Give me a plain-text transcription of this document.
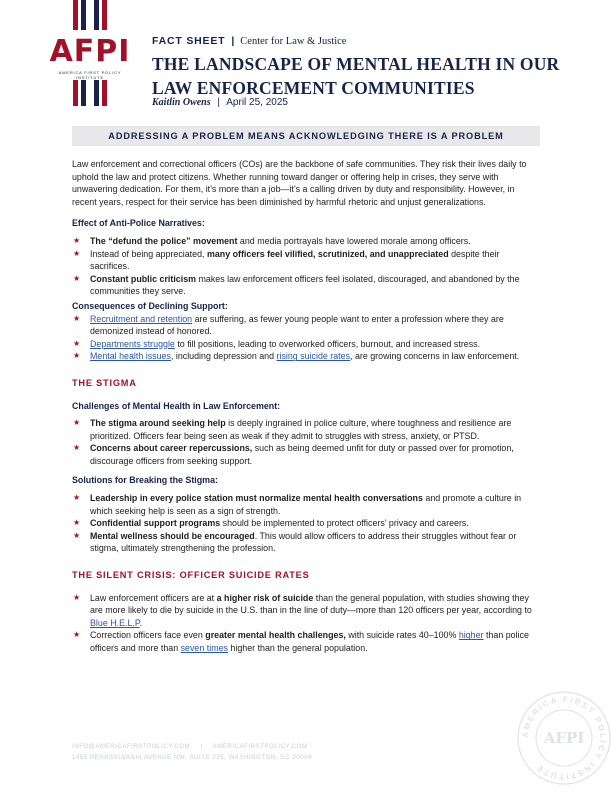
AFPI
AMERICA FIRST POLICY INSTITUTE
FACT SHEET | Center for Law & Justice
THE LANDSCAPE OF MENTAL HEALTH IN OUR
LAW ENFORCEMENT COMMUNITIES
Kaitlin Owens | April 25, 2025
ADDRESSING A PROBLEM MEANS ACKNOWLEDGING THERE IS A PROBLEM

Law enforcement and correctional officers (COs) are the backbone of safe communities. They risk their lives daily to uphold the law and protect citizens. Whether running toward danger or offering help in crises, they serve with unwavering dedication. For them, it’s more than a job—it’s a calling driven by duty and responsibility. However, in recent years, respect for their service has been diminished by harmful rhetoric and unjust generalizations.

Effect of Anti-Police Narratives:
★ The “defund the police” movement and media portrayals have lowered morale among officers.
★ Instead of being appreciated, many officers feel vilified, scrutinized, and unappreciated despite their sacrifices.
★ Constant public criticism makes law enforcement officers feel isolated, discouraged, and abandoned by the communities they serve.
Consequences of Declining Support:
★ Recruitment and retention are suffering, as fewer young people want to enter a profession where they are demonized instead of honored.
★ Departments struggle to fill positions, leading to overworked officers, burnout, and increased stress.
★ Mental health issues, including depression and rising suicide rates, are growing concerns in law enforcement.
THE STIGMA
Challenges of Mental Health in Law Enforcement:
★ The stigma around seeking help is deeply ingrained in police culture, where toughness and resilience are prioritized. Officers fear being seen as weak if they admit to struggles with stress, anxiety, or PTSD.
★ Concerns about career repercussions, such as being deemed unfit for duty or passed over for promotion, discourage officers from seeking support.
Solutions for Breaking the Stigma:
★ Leadership in every police station must normalize mental health conversations and promote a culture in which seeking help is seen as a sign of strength.
★ Confidential support programs should be implemented to protect officers’ privacy and careers.
★ Mental wellness should be encouraged. This would allow officers to address their struggles without fear or stigma, ultimately strengthening the profession.
THE SILENT CRISIS: OFFICER SUICIDE RATES
★ Law enforcement officers are at a higher risk of suicide than the general population, with studies showing they are more likely to die by suicide in the U.S. than in the line of duty—more than 120 officers per year, according to Blue H.E.L.P.
★ Correction officers face even greater mental health challenges, with suicide rates 40–100% higher than police officers and more than seven times higher than the general population.
INFO@AMERICAFIRSTPOLICY.COM | AMERICAFIRSTPOLICY.COM
1455 PENNSYLVANIA AVENUE NW, SUITE 225, WASHINGTON, DC 20004
AMERICA FIRST POLICY INSTITUTE
AFPI
